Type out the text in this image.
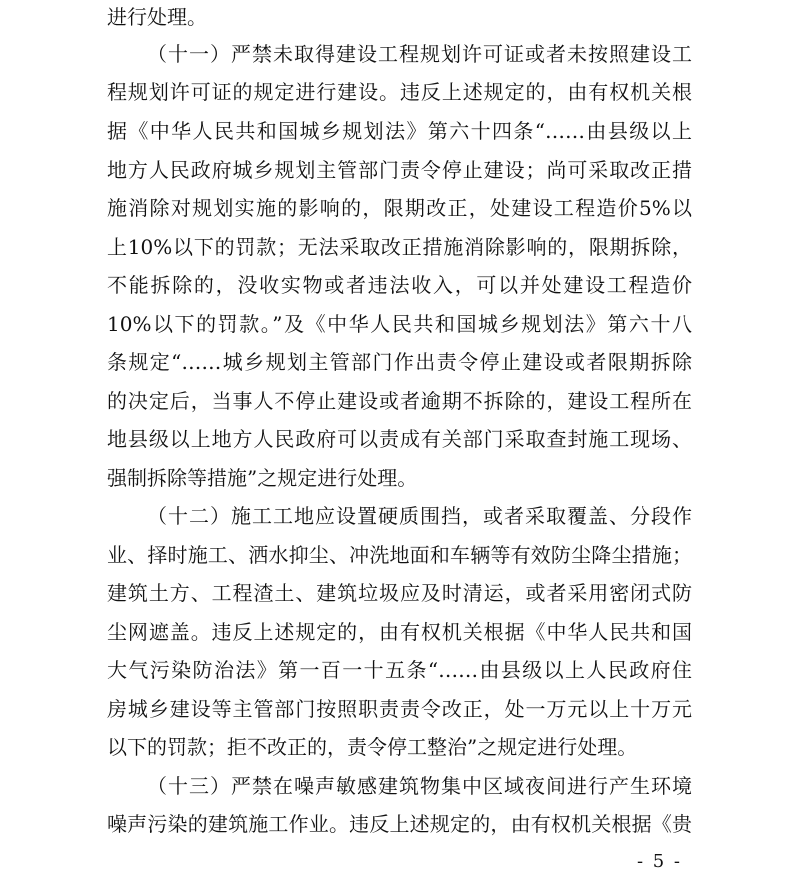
进行处理。
（十一）严禁未取得建设工程规划许可证或者未按照建设工
程规划许可证的规定进行建设。违反上述规定的，由有权机关根
据《中华人民共和国城乡规划法》第六十四条“……由县级以上
地方人民政府城乡规划主管部门责令停止建设；尚可采取改正措
施消除对规划实施的影响的，限期改正，处建设工程造价5%以
上10%以下的罚款；无法采取改正措施消除影响的，限期拆除，
不能拆除的，没收实物或者违法收入，可以并处建设工程造价
10%以下的罚款。”及《中华人民共和国城乡规划法》第六十八
条规定“……城乡规划主管部门作出责令停止建设或者限期拆除
的决定后，当事人不停止建设或者逾期不拆除的，建设工程所在
地县级以上地方人民政府可以责成有关部门采取查封施工现场、
强制拆除等措施”之规定进行处理。
（十二）施工工地应设置硬质围挡，或者采取覆盖、分段作
业、择时施工、洒水抑尘、冲洗地面和车辆等有效防尘降尘措施；
建筑土方、工程渣土、建筑垃圾应及时清运，或者采用密闭式防
尘网遮盖。违反上述规定的，由有权机关根据《中华人民共和国
大气污染防治法》第一百一十五条“……由县级以上人民政府住
房城乡建设等主管部门按照职责责令改正，处一万元以上十万元
以下的罚款；拒不改正的，责令停工整治”之规定进行处理。
（十三）严禁在噪声敏感建筑物集中区域夜间进行产生环境
噪声污染的建筑施工作业。违反上述规定的，由有权机关根据《贵
- 5 -
